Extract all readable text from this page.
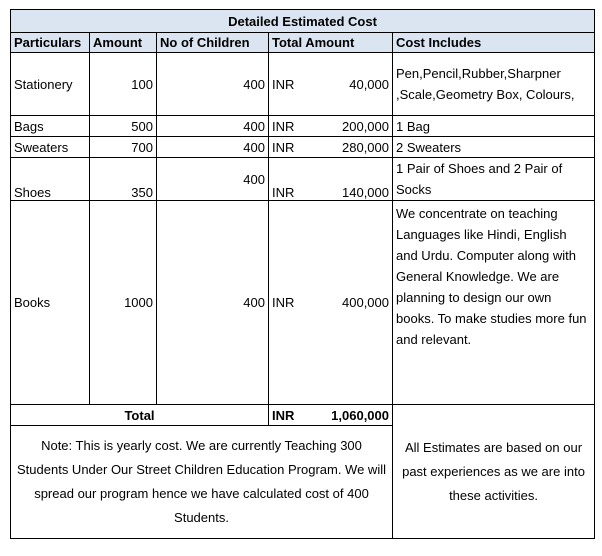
Detailed Estimated Cost					
Particulars	Amount	No of Children	Total Amount		Cost Includes
Stationery	100	400	INR	40,000	Pen,Pencil,Rubber,Sharpner ,Scale,Geometry Box, Colours,
Bags	500	400	INR	200,000	1 Bag
Sweaters	700	400	INR	280,000	2 Sweaters
Shoes	350	400	INR	140,000	1 Pair of Shoes and 2 Pair of Socks
Books	1000	400	INR	400,000	We concentrate on teaching Languages like Hindi, English and Urdu. Computer along with General Knowledge. We are planning to design our own books. To make studies more fun and relevant.
Total			INR	1,060,000	All Estimates are based on our past experiences as we are into these activities.
Note: This is yearly cost. We are currently Teaching 300 Students Under Our Street Children Education Program. We will spread our program hence we have calculated cost of 400 Students.					
